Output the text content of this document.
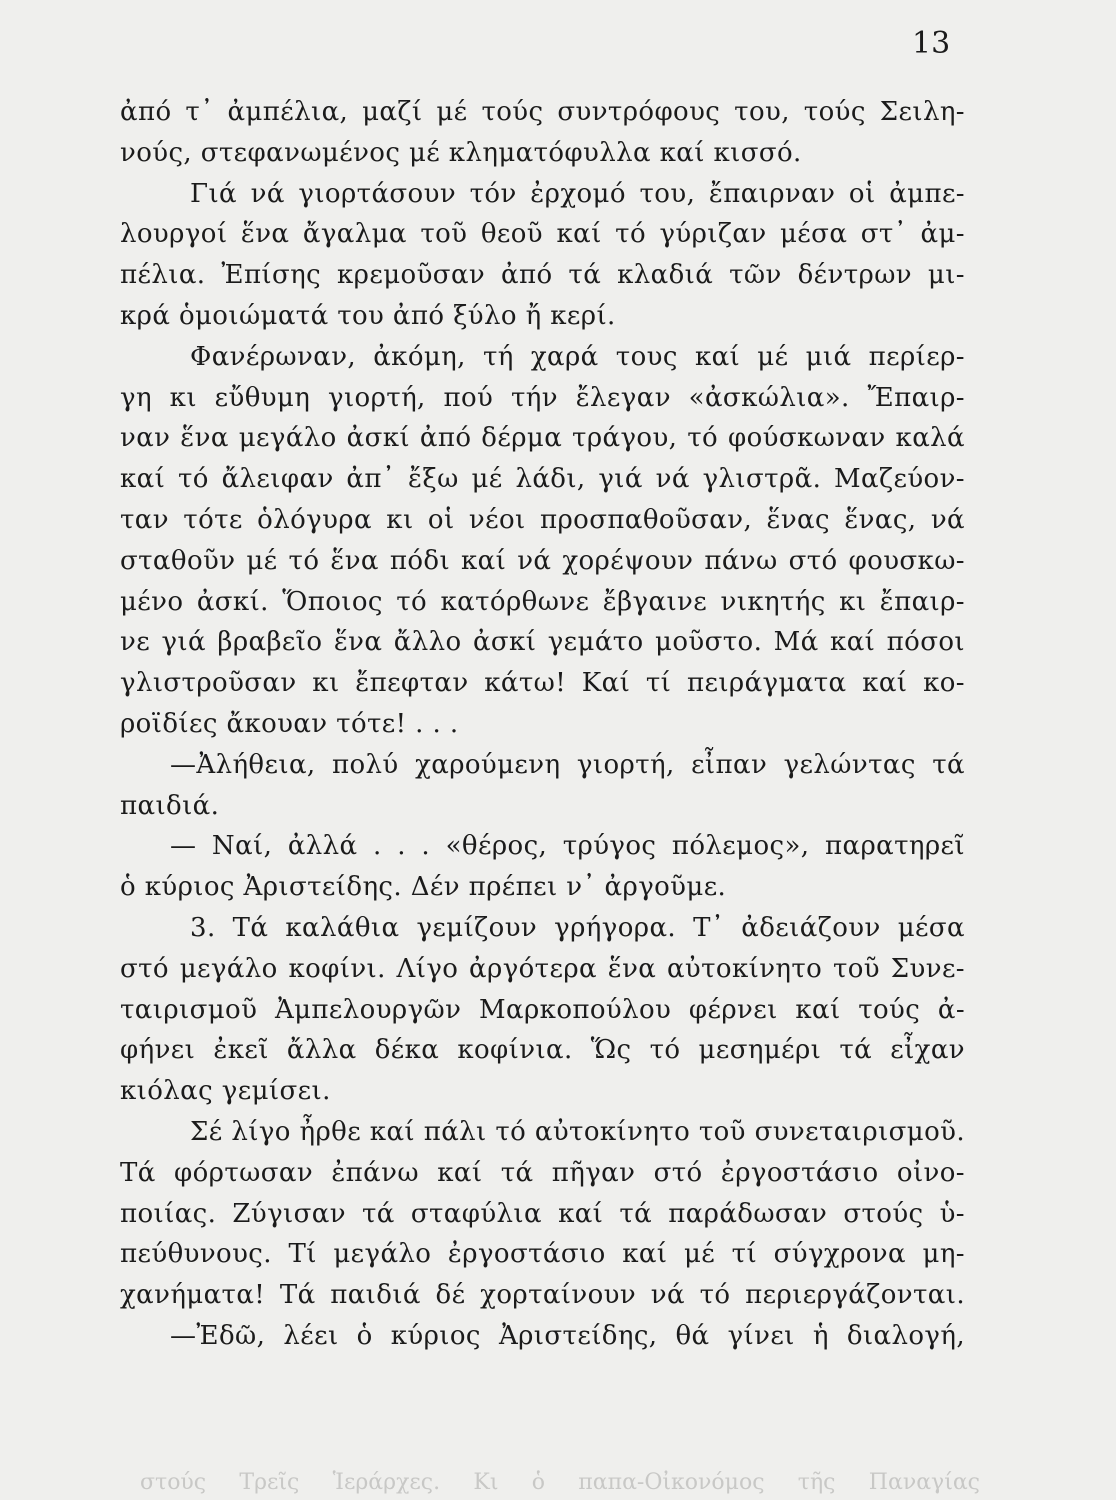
13
ἀπό τ᾿ ἀμπέλια, μαζί μέ τούς συντρόφους του, τούς Σειλη-
νούς, στεφανωμένος μέ κληματόφυλλα καί κισσό.
Γιά νά γιορτάσουν τόν ἐρχομό του, ἔπαιρναν οἱ ἀμπε-
λουργοί ἕνα ἄγαλμα τοῦ θεοῦ καί τό γύριζαν μέσα στ᾿ ἀμ-
πέλια. Ἐπίσης κρεμοῦσαν ἀπό τά κλαδιά τῶν δέντρων μι-
κρά ὁμοιώματά του ἀπό ξύλο ἤ κερί.
Φανέρωναν, ἀκόμη, τή χαρά τους καί μέ μιά περίερ-
γη κι εὔθυμη γιορτή, πού τήν ἔλεγαν «ἀσκώλια». Ἔπαιρ-
ναν ἕνα μεγάλο ἀσκί ἀπό δέρμα τράγου, τό φούσκωναν καλά
καί τό ἄλειφαν ἀπ᾿ ἔξω μέ λάδι, γιά νά γλιστρᾶ. Μαζεύον-
ταν τότε ὁλόγυρα κι οἱ νέοι προσπαθοῦσαν, ἕνας ἕνας, νά
σταθοῦν μέ τό ἕνα πόδι καί νά χορέψουν πάνω στό φουσκω-
μένο ἀσκί. Ὅποιος τό κατόρθωνε ἔβγαινε νικητής κι ἔπαιρ-
νε γιά βραβεῖο ἕνα ἄλλο ἀσκί γεμάτο μοῦστο. Μά καί πόσοι
γλιστροῦσαν κι ἔπεφταν κάτω! Καί τί πειράγματα καί κο-
ροϊδίες ἄκουαν τότε! . . .
—Ἀλήθεια, πολύ χαρούμενη γιορτή, εἶπαν γελώντας τά
παιδιά.
— Ναί, ἀλλά . . . «θέρος, τρύγος πόλεμος», παρατηρεῖ
ὁ κύριος Ἀριστείδης. Δέν πρέπει ν᾿ ἀργοῦμε.
3. Τά καλάθια γεμίζουν γρήγορα. Τ᾿ ἀδειάζουν μέσα
στό μεγάλο κοφίνι. Λίγο ἀργότερα ἕνα αὐτοκίνητο τοῦ Συνε-
ταιρισμοῦ Ἀμπελουργῶν Μαρκοπούλου φέρνει καί τούς ἀ-
φήνει ἐκεῖ ἄλλα δέκα κοφίνια. Ὥς τό μεσημέρι τά εἶχαν
κιόλας γεμίσει.
Σέ λίγο ἦρθε καί πάλι τό αὐτοκίνητο τοῦ συνεταιρισμοῦ.
Τά φόρτωσαν ἐπάνω καί τά πῆγαν στό ἐργοστάσιο οἰνο-
ποιίας. Ζύγισαν τά σταφύλια καί τά παράδωσαν στούς ὑ-
πεύθυνους. Τί μεγάλο ἐργοστάσιο καί μέ τί σύγχρονα μη-
χανήματα! Τά παιδιά δέ χορταίνουν νά τό περιεργάζονται.
—Ἐδῶ, λέει ὁ κύριος Ἀριστείδης, θά γίνει ἡ διαλογή,
στούς Τρεῖς Ἱεράρχες. Κι ὁ παπα-Οἰκονόμος τῆς Παναγίας
